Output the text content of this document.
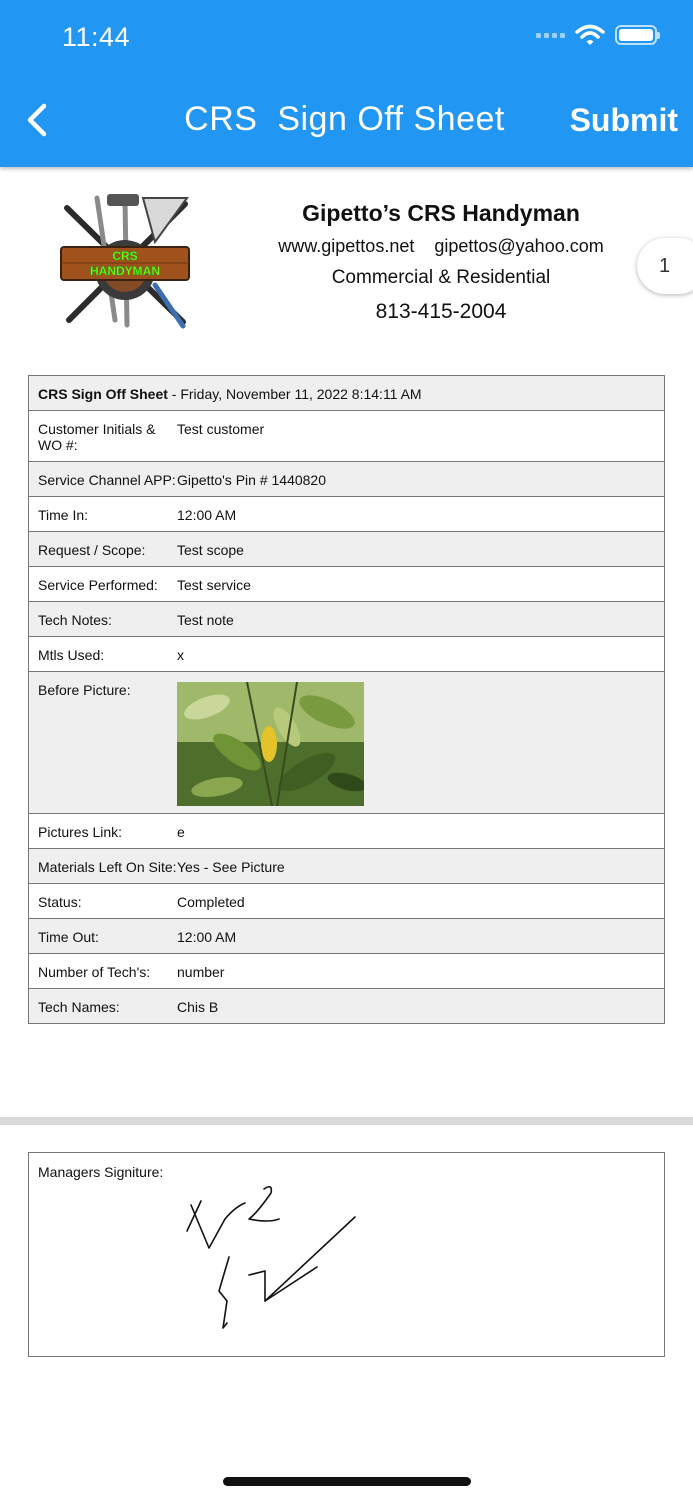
11:44
CRS  Sign Off Sheet	Submit
CRS
HANDYMAN
Gipetto’s CRS Handyman
www.gipettos.net gipettos@yahoo.com
Commercial & Residential
813-415-2004
1
CRS Sign Off Sheet - Friday, November 11, 2022 8:14:11 AM
Customer Initials & WO #:
Test customer
Service Channel APP: Gipetto's Pin # 1440820
Time In:	12:00 AM
Request / Scope:	Test scope
Service Performed:	Test service
Tech Notes:	Test note
Mtls Used:	x
Before Picture:
Pictures Link:	e
Materials Left On Site: Yes - See Picture
Status:	Completed
Time Out:	12:00 AM
Number of Tech's:	number
Tech Names:	Chis B
Managers Signiture:
